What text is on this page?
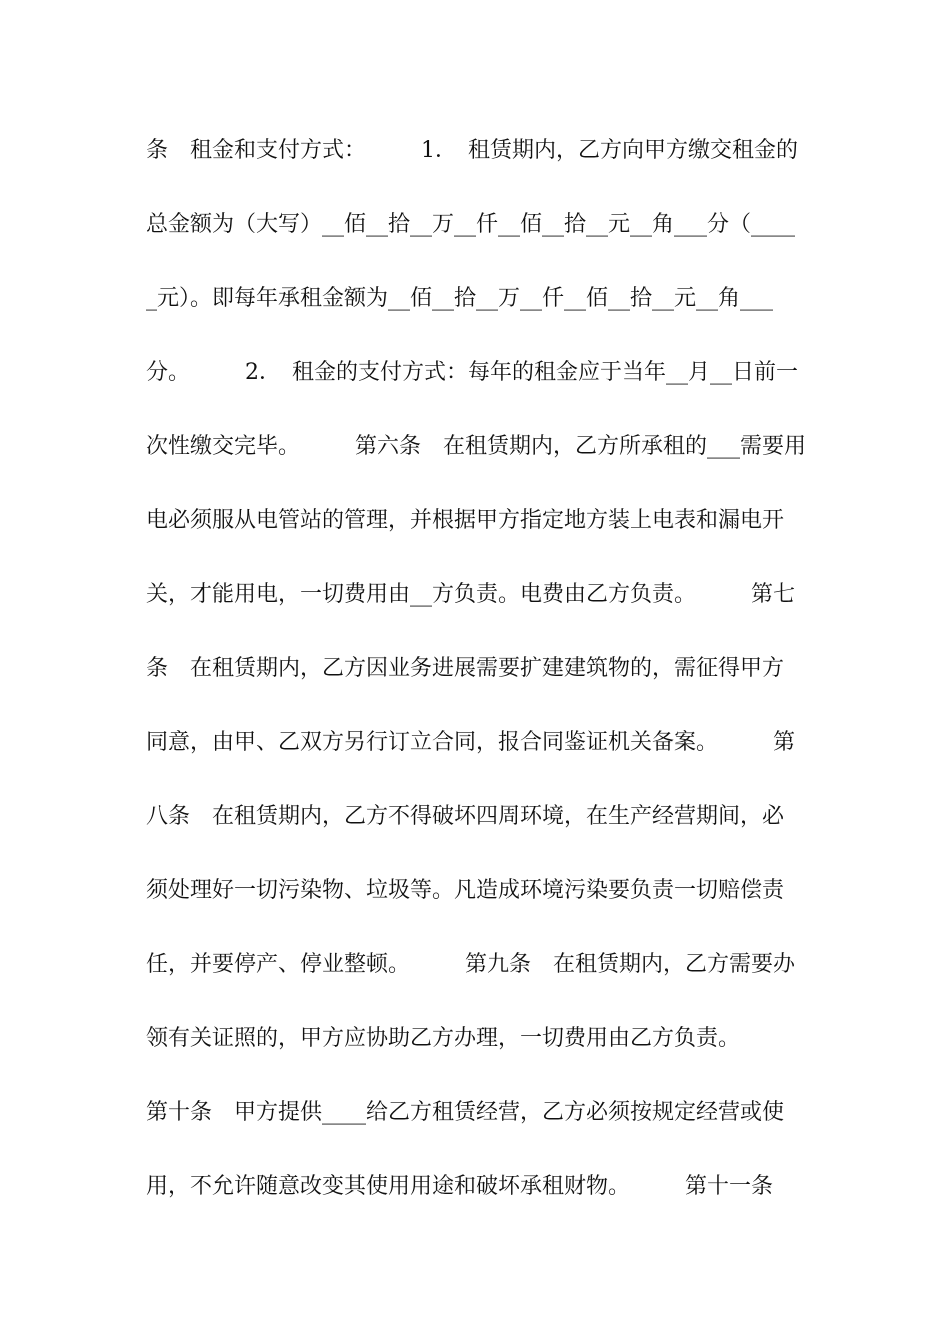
条　租金和支付方式：　　　1．　租赁期内，乙方向甲方缴交租金的
总金额为（大写）__佰__拾__万__仟__佰__拾__元__角___分（____
_元）。即每年承租金额为__佰__拾__万__仟__佰__拾__元__角___
分。　　　2．　租金的支付方式：每年的租金应于当年__月__日前一
次性缴交完毕。　　　第六条　在租赁期内，乙方所承租的___需要用
电必须服从电管站的管理，并根据甲方指定地方装上电表和漏电开
关，才能用电，一切费用由__方负责。电费由乙方负责。　　　第七
条　在租赁期内，乙方因业务进展需要扩建建筑物的，需征得甲方
同意，由甲、乙双方另行订立合同，报合同鉴证机关备案。　　　第
八条　在租赁期内，乙方不得破坏四周环境，在生产经营期间，必
须处理好一切污染物、垃圾等。凡造成环境污染要负责一切赔偿责
任，并要停产、停业整顿。　　　第九条　在租赁期内，乙方需要办
领有关证照的，甲方应协助乙方办理，一切费用由乙方负责。
第十条　甲方提供____给乙方租赁经营，乙方必须按规定经营或使
用，不允许随意改变其使用用途和破坏承租财物。　　　第十一条
